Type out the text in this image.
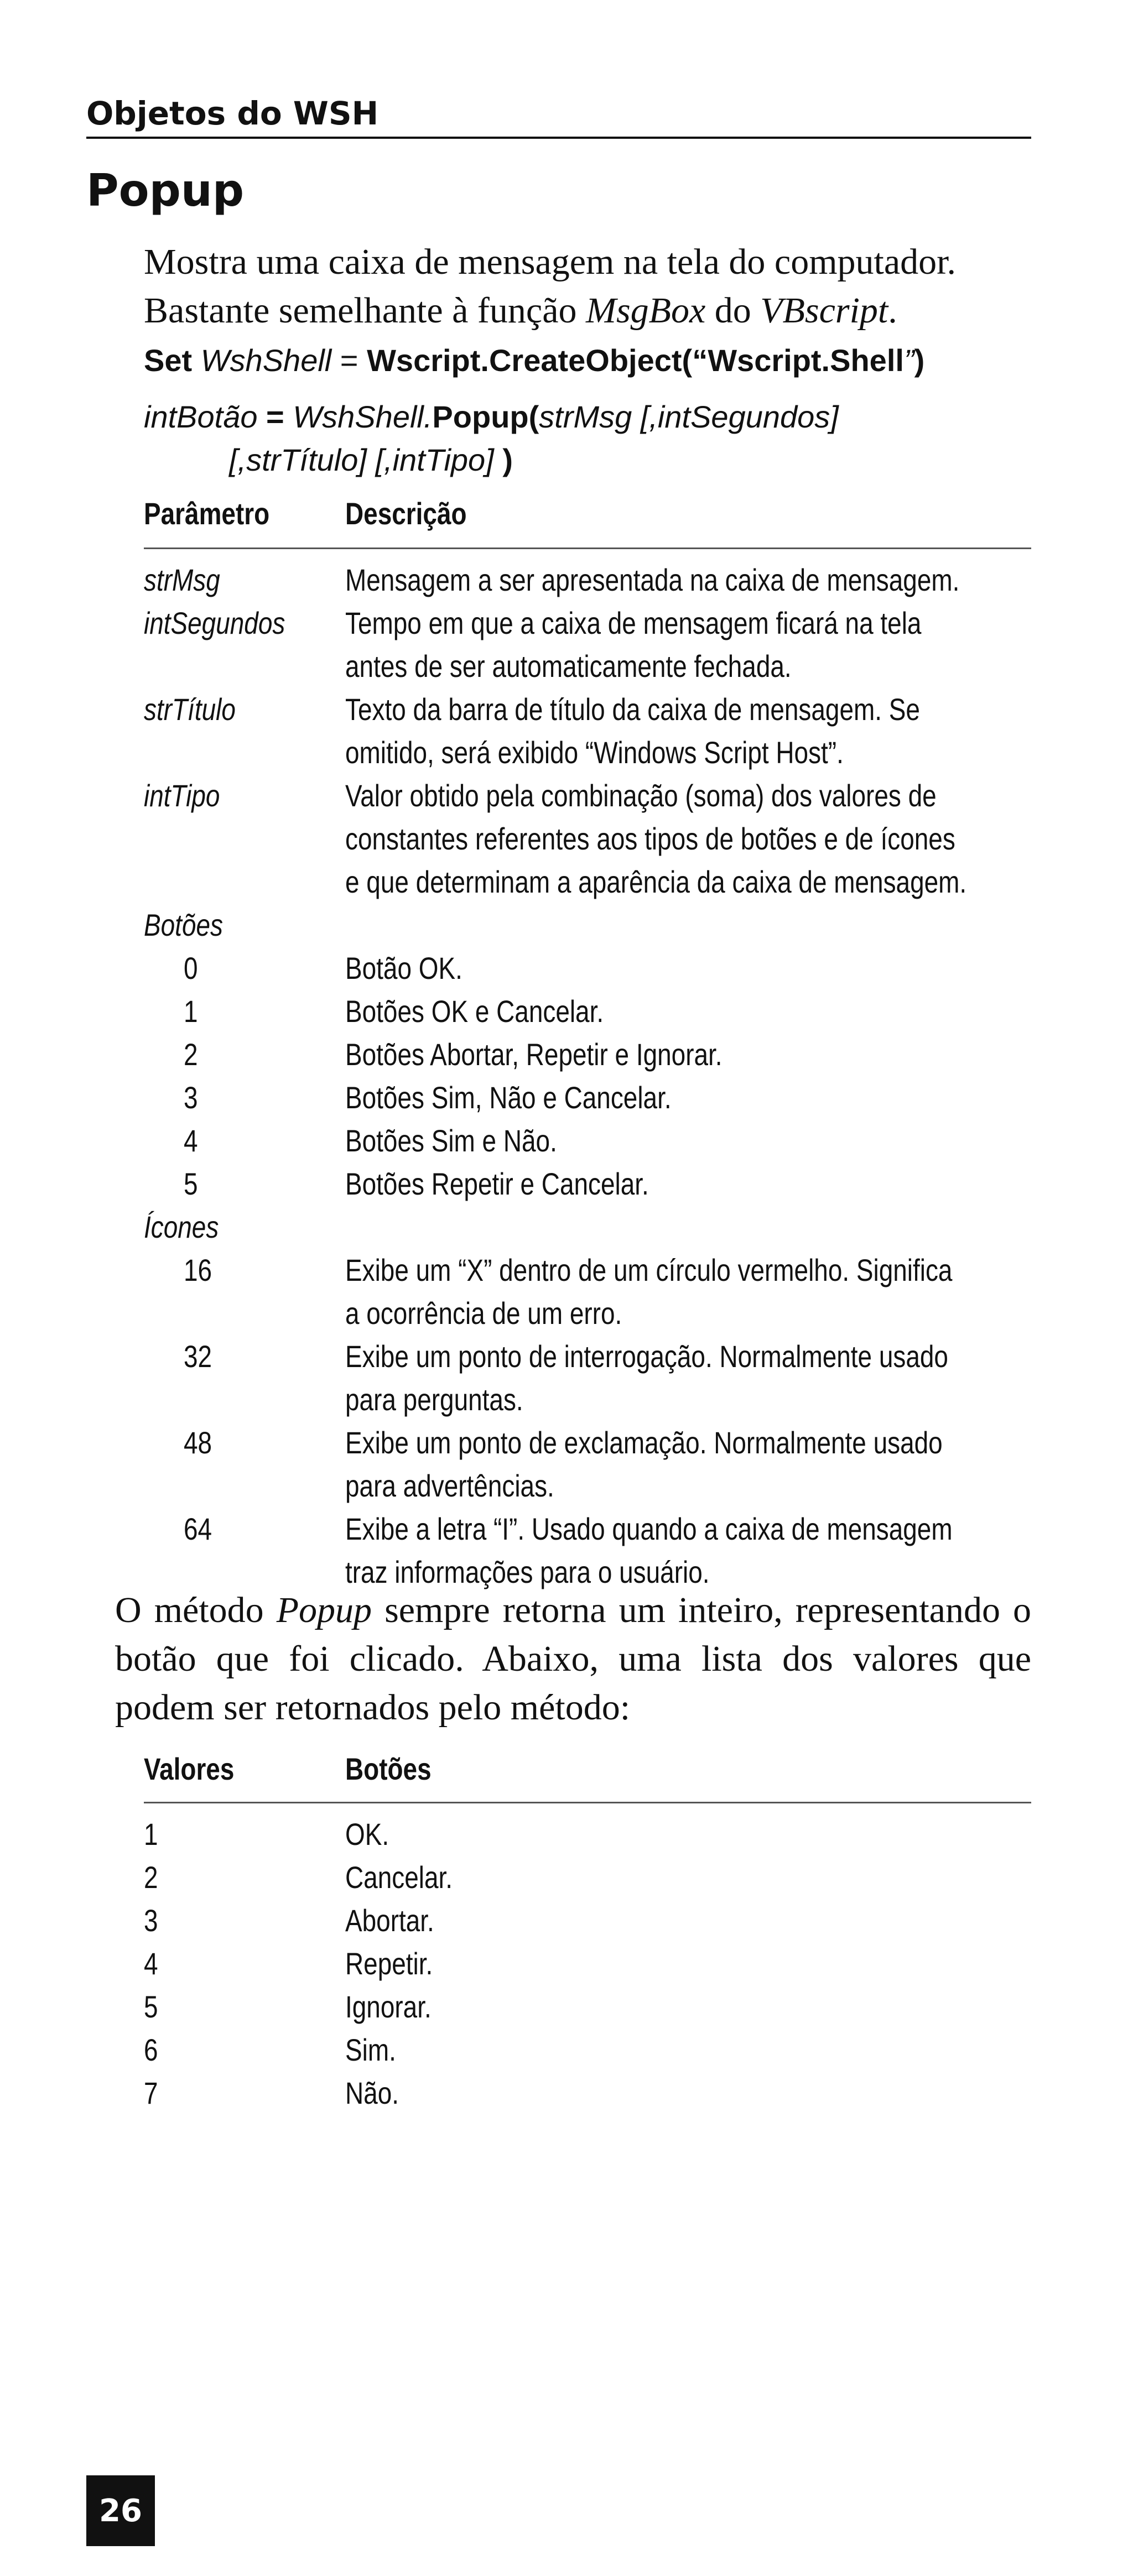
Objetos do WSH
Popup
Mostra uma caixa de mensagem na tela do computador.
Bastante semelhante à função MsgBox do VBscript.
Set WshShell = Wscript.CreateObject(“Wscript.Shell”)
intBotão = WshShell.Popup(strMsg [,intSegundos]
[,strTítulo] [,intTipo] )
Parâmetro	Descrição
strMsg	Mensagem a ser apresentada na caixa de mensagem.
intSegundos	Tempo em que a caixa de mensagem ficará na tela
antes de ser automaticamente fechada.
strTítulo	Texto da barra de título da caixa de mensagem. Se
omitido, será exibido “Windows Script Host”.
intTipo	Valor obtido pela combinação (soma) dos valores de
constantes referentes aos tipos de botões e de ícones
e que determinam a aparência da caixa de mensagem.
Botões
0	Botão OK.
1	Botões OK e Cancelar.
2	Botões Abortar, Repetir e Ignorar.
3	Botões Sim, Não e Cancelar.
4	Botões Sim e Não.
5	Botões Repetir e Cancelar.
Ícones
16	Exibe um “X” dentro de um círculo vermelho. Significa
a ocorrência de um erro.
32	Exibe um ponto de interrogação. Normalmente usado
para perguntas.
48	Exibe um ponto de exclamação. Normalmente usado
para advertências.
64	Exibe a letra “I”. Usado quando a caixa de mensagem
traz informações para o usuário.
O método Popup sempre retorna um inteiro, representando o botão que foi clicado. Abaixo, uma lista dos valores que podem ser retornados pelo método:
Valores	Botões
1	OK.
2	Cancelar.
3	Abortar.
4	Repetir.
5	Ignorar.
6	Sim.
7	Não.
26
